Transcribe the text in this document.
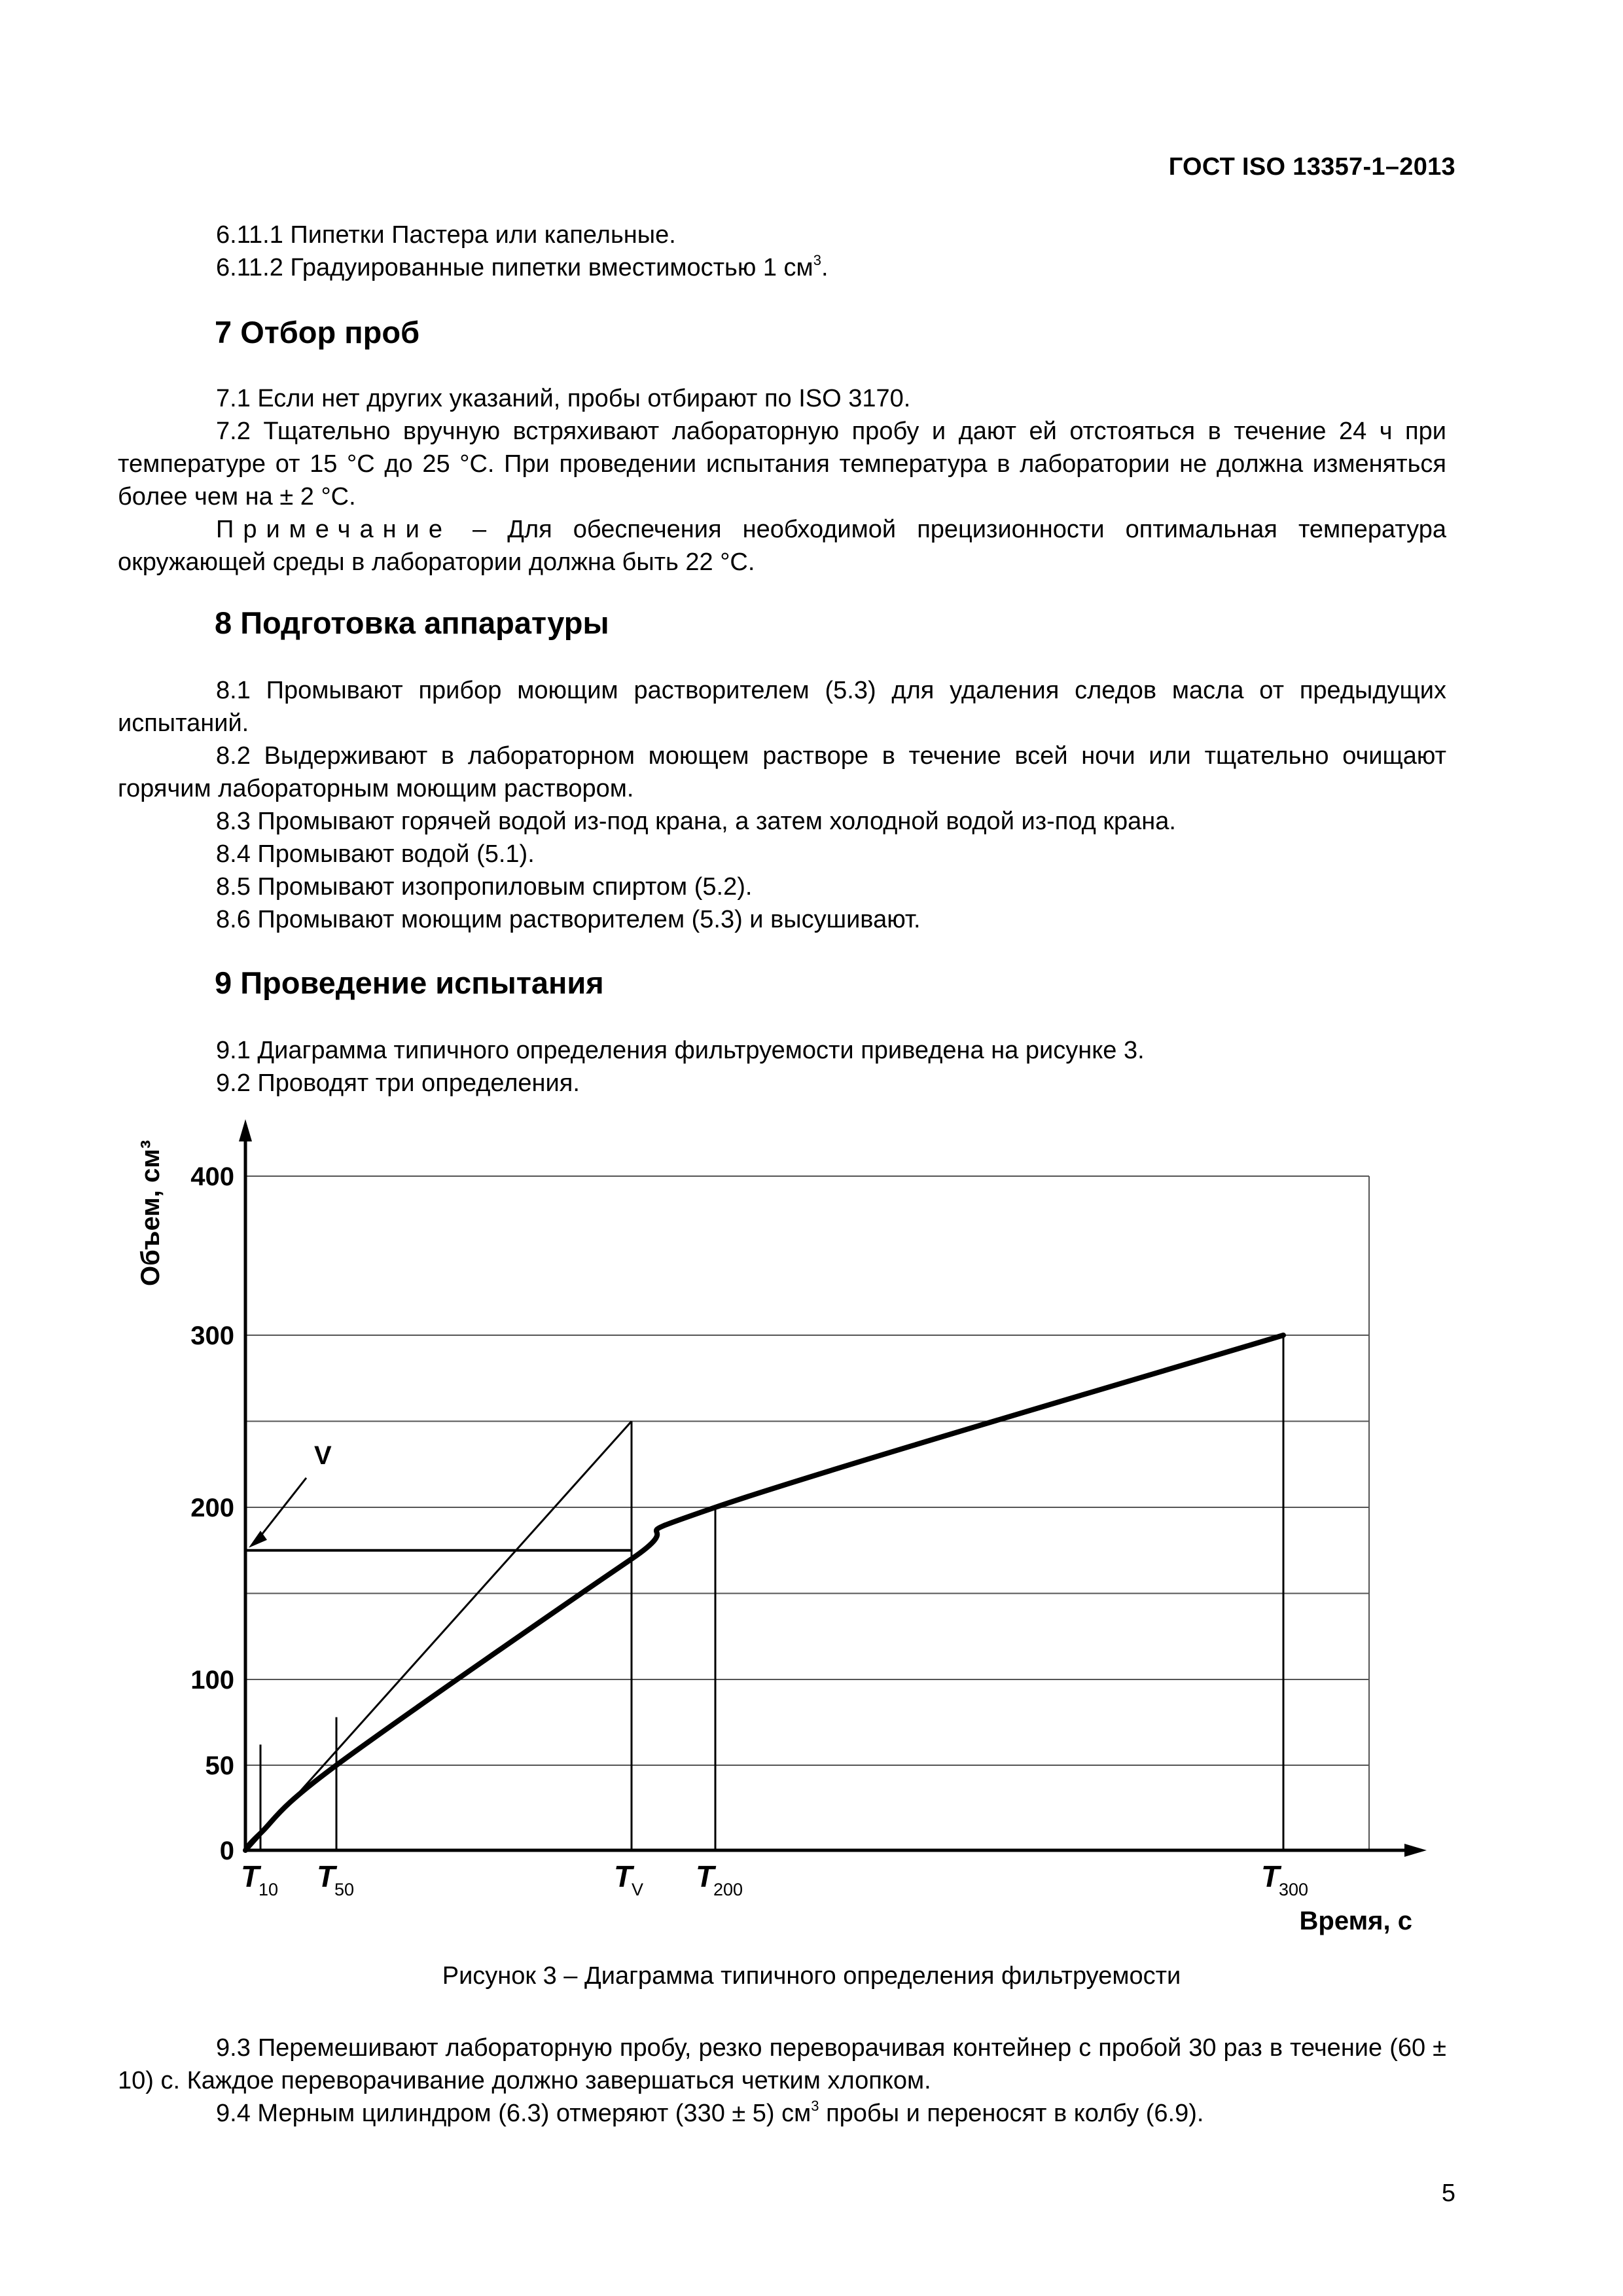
ГОСТ ISO 13357-1–2013
6.11.1 Пипетки Пастера или капельные.
6.11.2 Градуированные пипетки вместимостью 1 $см^3$.
7 Отбор проб
7.1 Если нет других указаний, пробы отбирают по ISO 3170.
7.2 Тщательно вручную встряхивают лабораторную пробу и дают ей отстояться в течение 24 ч при температуре от 15 °С до 25 °С. При проведении испытания температура в лаборатории не должна изменяться более чем на ± 2 °С.
Примечание – Для обеспечения необходимой прецизионности оптимальная температура окружающей среды в лаборатории должна быть 22 °С.
8 Подготовка аппаратуры
8.1 Промывают прибор моющим растворителем (5.3) для удаления следов масла от предыдущих испытаний.
8.2 Выдерживают в лабораторном моющем растворе в течение всей ночи или тщательно очищают горячим лабораторным моющим раствором.
8.3 Промывают горячей водой из-под крана, а затем холодной водой из-под крана.
8.4 Промывают водой (5.1).
8.5 Промывают изопропиловым спиртом (5.2).
8.6 Промывают моющим растворителем (5.3) и высушивают.
9 Проведение испытания
9.1 Диаграмма типичного определения фильтруемости приведена на рисунке 3.
9.2 Проводят три определения.
0
50
100
200
300
400
Объем, см³
Время, с
V
T
10 T
50	T
V T
200	T
300
Рисунок 3 – Диаграмма типичного определения фильтруемости
9.3 Перемешивают лабораторную пробу, резко переворачивая контейнер с пробой 30 раз в течение (60 ± 10) с. Каждое переворачивание должно завершаться четким хлопком.
9.4 Мерным цилиндром (6.3) отмеряют (330 ± 5) $см^3$ пробы и переносят в колбу (6.9).
5
